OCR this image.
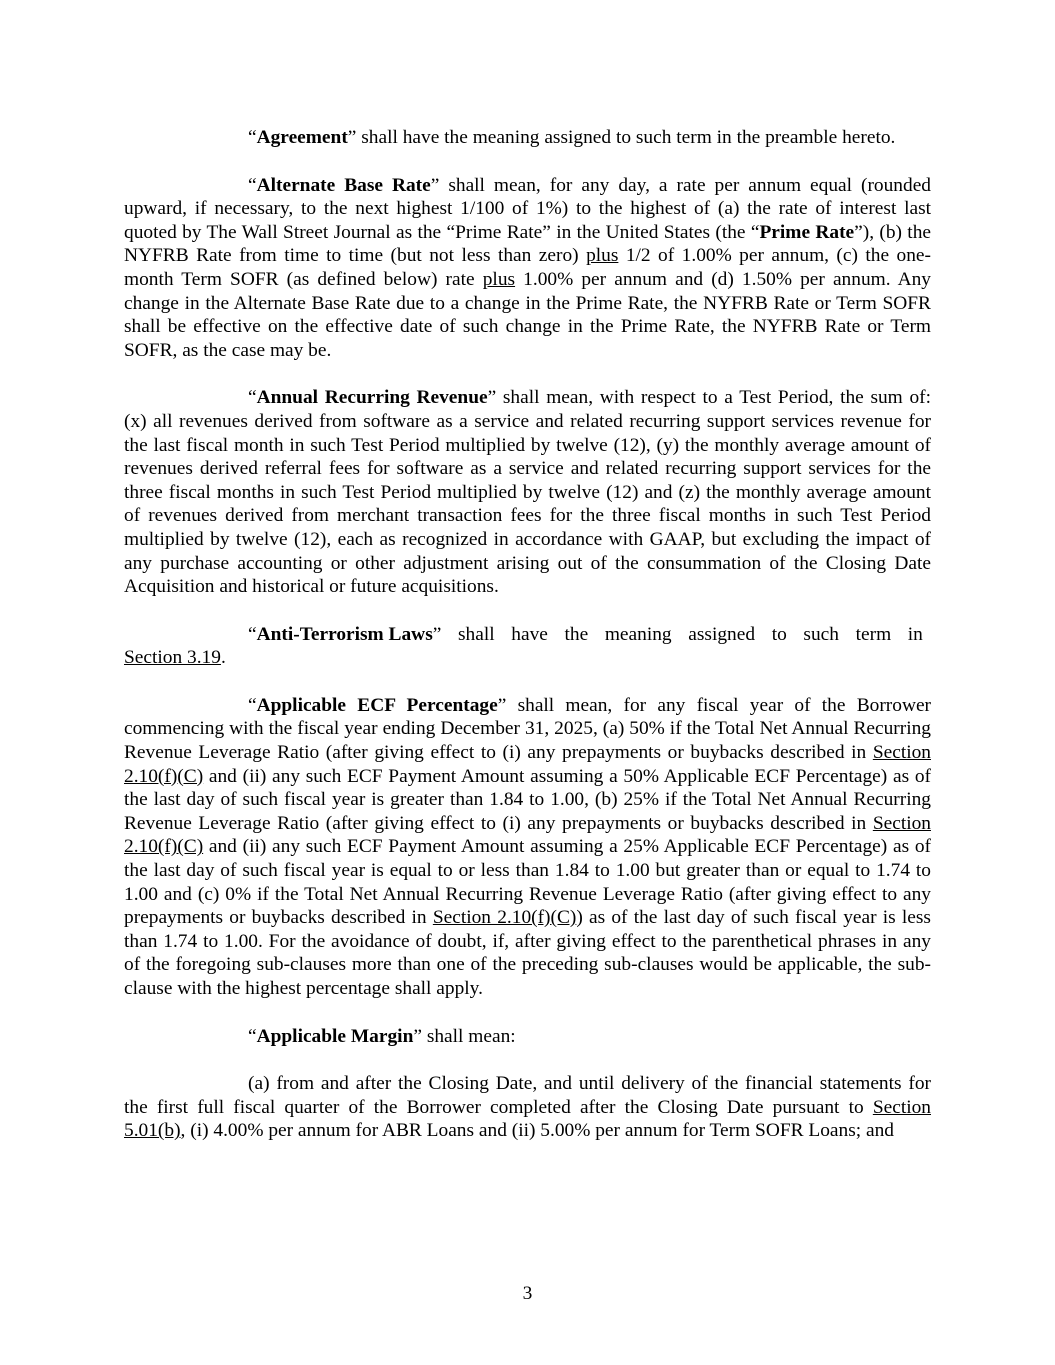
“Agreement” shall have the meaning assigned to such term in the preamble hereto.

“Alternate Base Rate” shall mean, for any day, a rate per annum equal (rounded upward, if necessary, to the next highest 1/100 of 1%) to the highest of (a) the rate of interest last quoted by The Wall Street Journal as the “Prime Rate” in the United States (the “Prime Rate”), (b) the NYFRB Rate from time to time (but not less than zero) plus 1/2 of 1.00% per annum, (c) the one-month Term SOFR (as defined below) rate plus 1.00% per annum and (d) 1.50% per annum. Any change in the Alternate Base Rate due to a change in the Prime Rate, the NYFRB Rate or Term SOFR shall be effective on the effective date of such change in the Prime Rate, the NYFRB Rate or Term SOFR, as the case may be.

“Annual Recurring Revenue” shall mean, with respect to a Test Period, the sum of: (x) all revenues derived from software as a service and related recurring support services revenue for the last fiscal month in such Test Period multiplied by twelve (12), (y) the monthly average amount of revenues derived referral fees for software as a service and related recurring support services for the three fiscal months in such Test Period multiplied by twelve (12) and (z) the monthly average amount of revenues derived from merchant transaction fees for the three fiscal months in such Test Period multiplied by twelve (12), each as recognized in accordance with GAAP, but excluding the impact of any purchase accounting or other adjustment arising out of the consummation of the Closing Date Acquisition and historical or future acquisitions.

“Anti-Terrorism Laws” shall have the meaning assigned to such term in
Section 3.19.

“Applicable ECF Percentage” shall mean, for any fiscal year of the Borrower commencing with the fiscal year ending December 31, 2025, (a) 50% if the Total Net Annual Recurring Revenue Leverage Ratio (after giving effect to (i) any prepayments or buybacks described in Section 2.10(f)(C) and (ii) any such ECF Payment Amount assuming a 50% Applicable ECF Percentage) as of the last day of such fiscal year is greater than 1.84 to 1.00, (b) 25% if the Total Net Annual Recurring Revenue Leverage Ratio (after giving effect to (i) any prepayments or buybacks described in Section 2.10(f)(C) and (ii) any such ECF Payment Amount assuming a 25% Applicable ECF Percentage) as of the last day of such fiscal year is equal to or less than 1.84 to 1.00 but greater than or equal to 1.74 to 1.00 and (c) 0% if the Total Net Annual Recurring Revenue Leverage Ratio (after giving effect to any prepayments or buybacks described in Section 2.10(f)(C)) as of the last day of such fiscal year is less than 1.74 to 1.00. For the avoidance of doubt, if, after giving effect to the parenthetical phrases in any of the foregoing sub-clauses more than one of the preceding sub-clauses would be applicable, the sub-clause with the highest percentage shall apply.

“Applicable Margin” shall mean:

(a) from and after the Closing Date, and until delivery of the financial statements for the first full fiscal quarter of the Borrower completed after the Closing Date pursuant to Section 5.01(b), (i) 4.00% per annum for ABR Loans and (ii) 5.00% per annum for Term SOFR Loans; and

3
